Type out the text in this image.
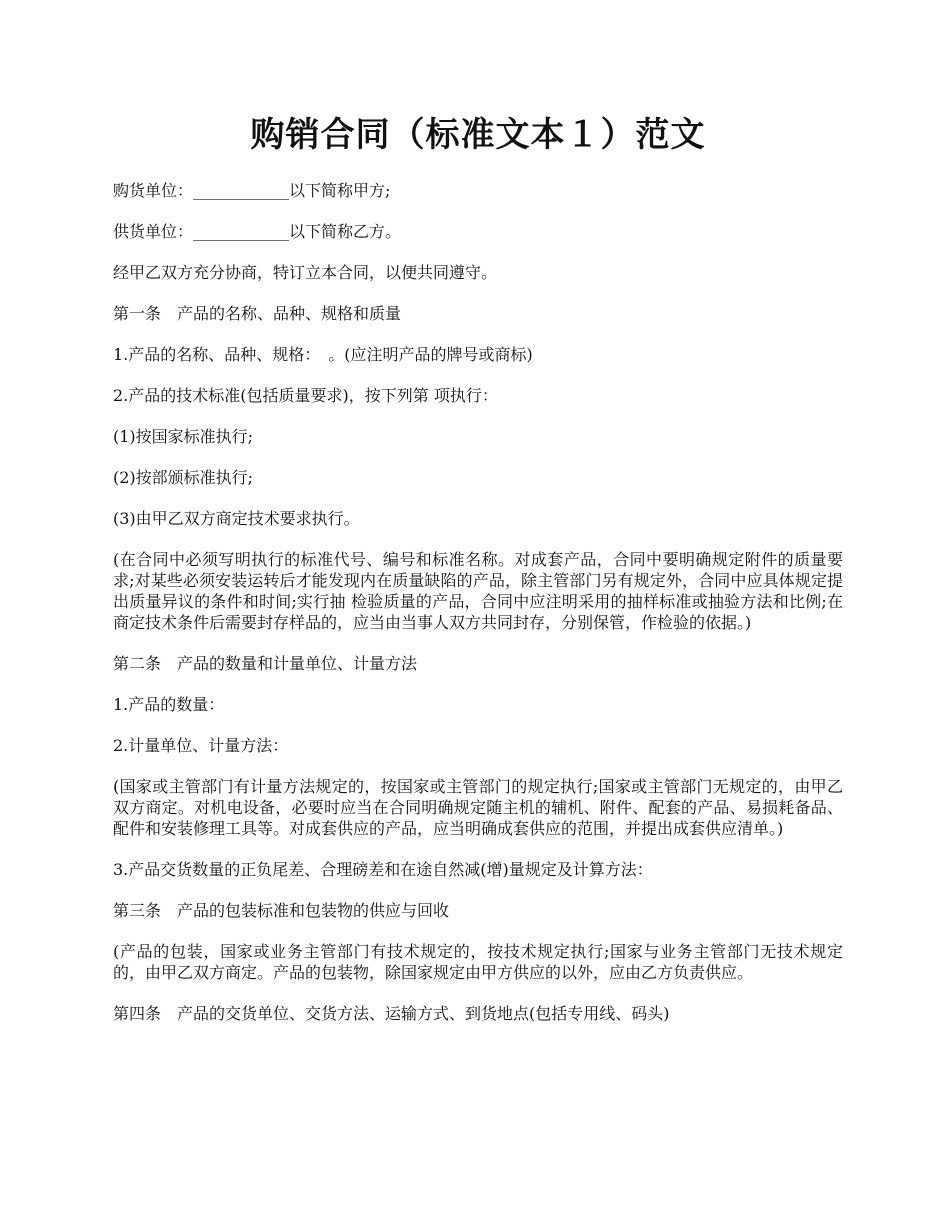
购销合同（标准文本１）范文

购货单位：____________以下简称甲方;

供货单位：____________以下简称乙方。

经甲乙双方充分协商，特订立本合同，以便共同遵守。

第一条　产品的名称、品种、规格和质量

1.产品的名称、品种、规格：　。(应注明产品的牌号或商标)

2.产品的技术标准(包括质量要求)，按下列第 项执行：

(1)按国家标准执行;

(2)按部颁标准执行;

(3)由甲乙双方商定技术要求执行。

(在合同中必须写明执行的标准代号、编号和标准名称。对成套产品，合同中要明确规定附件的质量要求;对某些必须安装运转后才能发现内在质量缺陷的产品，除主管部门另有规定外，合同中应具体规定提出质量异议的条件和时间;实行抽 检验质量的产品，合同中应注明采用的抽样标准或抽验方法和比例;在商定技术条件后需要封存样品的，应当由当事人双方共同封存，分别保管，作检验的依据。)

第二条　产品的数量和计量单位、计量方法

1.产品的数量：

2.计量单位、计量方法：

(国家或主管部门有计量方法规定的，按国家或主管部门的规定执行;国家或主管部门无规定的，由甲乙双方商定。对机电设备，必要时应当在合同明确规定随主机的辅机、附件、配套的产品、易损耗备品、配件和安装修理工具等。对成套供应的产品，应当明确成套供应的范围，并提出成套供应清单。)

3.产品交货数量的正负尾差、合理磅差和在途自然减(增)量规定及计算方法：

第三条　产品的包装标准和包装物的供应与回收

(产品的包装，国家或业务主管部门有技术规定的，按技术规定执行;国家与业务主管部门无技术规定的，由甲乙双方商定。产品的包装物，除国家规定由甲方供应的以外，应由乙方负责供应。

第四条　产品的交货单位、交货方法、运输方式、到货地点(包括专用线、码头)
